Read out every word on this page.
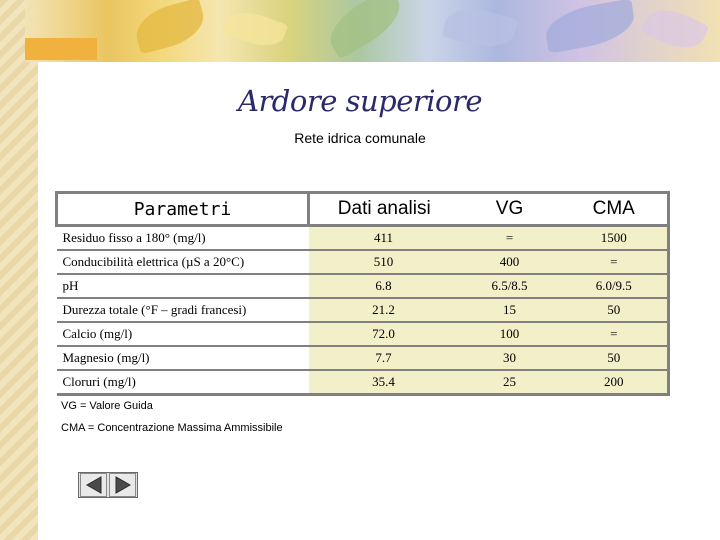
Ardore superiore
Rete idrica comunale
Parametri	Dati analisi	VG	CMA
Residuo fisso a 180° (mg/l)	411	=	1500
Conducibilità elettrica (µS a 20°C)	510	400	=
pH	6.8	6.5/8.5	6.0/9.5
Durezza totale (°F – gradi francesi)	21.2	15	50
Calcio (mg/l)	72.0	100	=
Magnesio (mg/l)	7.7	30	50
Cloruri (mg/l)	35.4	25	200
VG = Valore Guida
CMA = Concentrazione Massima Ammissibile
